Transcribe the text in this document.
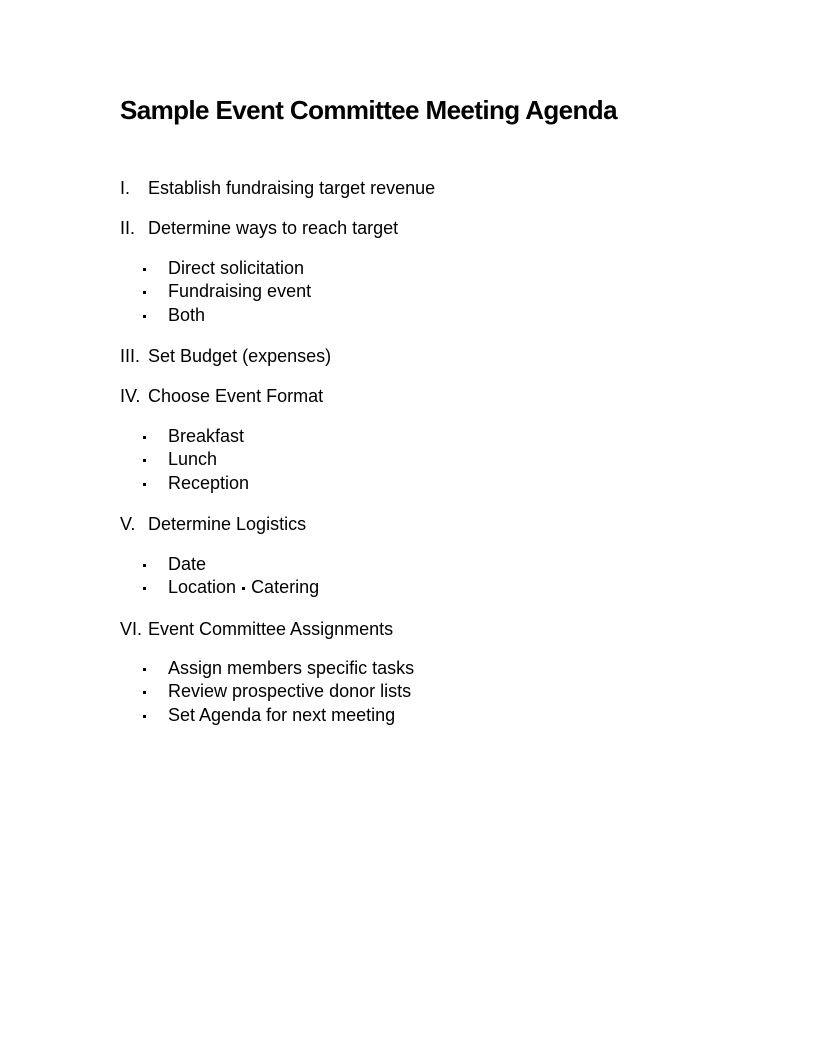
Sample Event Committee Meeting Agenda
I. Establish fundraising target revenue
II. Determine ways to reach target
Direct solicitation
Fundraising event
Both
III. Set Budget (expenses)
IV. Choose Event Format
Breakfast
Lunch
Reception
V. Determine Logistics
Date
Location Catering
VI. Event Committee Assignments
Assign members specific tasks
Review prospective donor lists
Set Agenda for next meeting
